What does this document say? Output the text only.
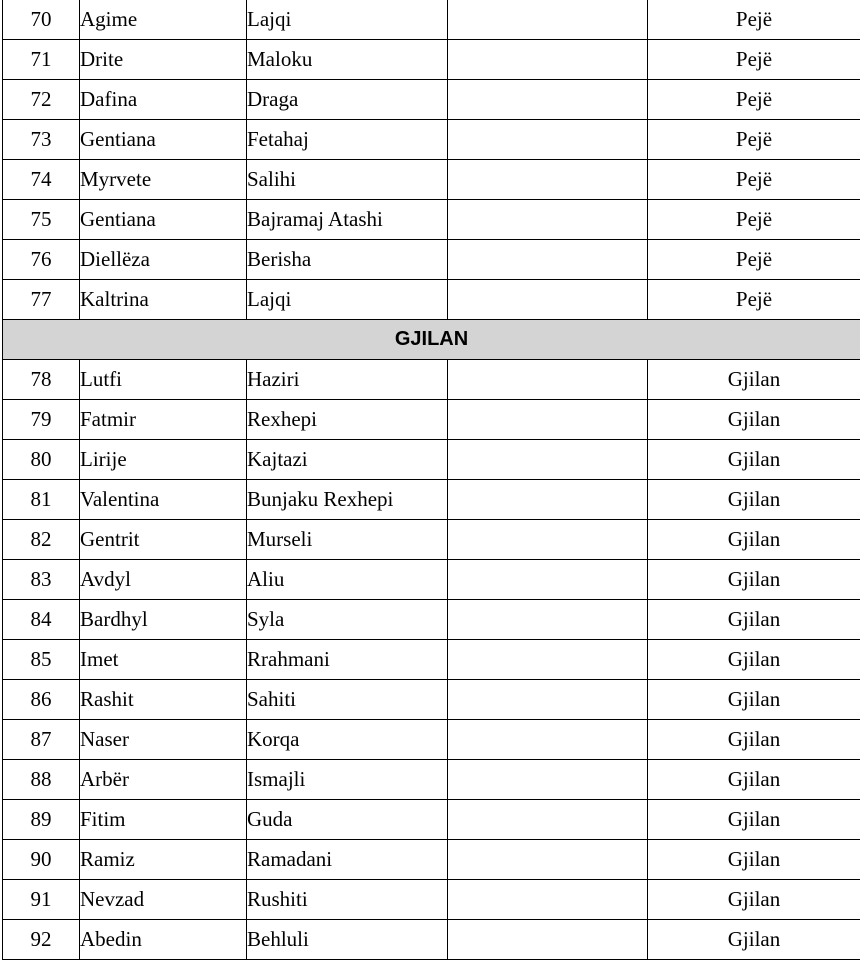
70	Agime	Lajqi		Pejë
71	Drite	Maloku		Pejë
72	Dafina	Draga		Pejë
73	Gentiana	Fetahaj		Pejë
74	Myrvete	Salihi		Pejë
75	Gentiana	Bajramaj Atashi		Pejë
76	Diellëza	Berisha		Pejë
77	Kaltrina	Lajqi		Pejë
GJILAN				
78	Lutfi	Haziri		Gjilan
79	Fatmir	Rexhepi		Gjilan
80	Lirije	Kajtazi		Gjilan
81	Valentina	Bunjaku Rexhepi		Gjilan
82	Gentrit	Murseli		Gjilan
83	Avdyl	Aliu		Gjilan
84	Bardhyl	Syla		Gjilan
85	Imet	Rrahmani		Gjilan
86	Rashit	Sahiti		Gjilan
87	Naser	Korqa		Gjilan
88	Arbër	Ismajli		Gjilan
89	Fitim	Guda		Gjilan
90	Ramiz	Ramadani		Gjilan
91	Nevzad	Rushiti		Gjilan
92	Abedin	Behluli		Gjilan
